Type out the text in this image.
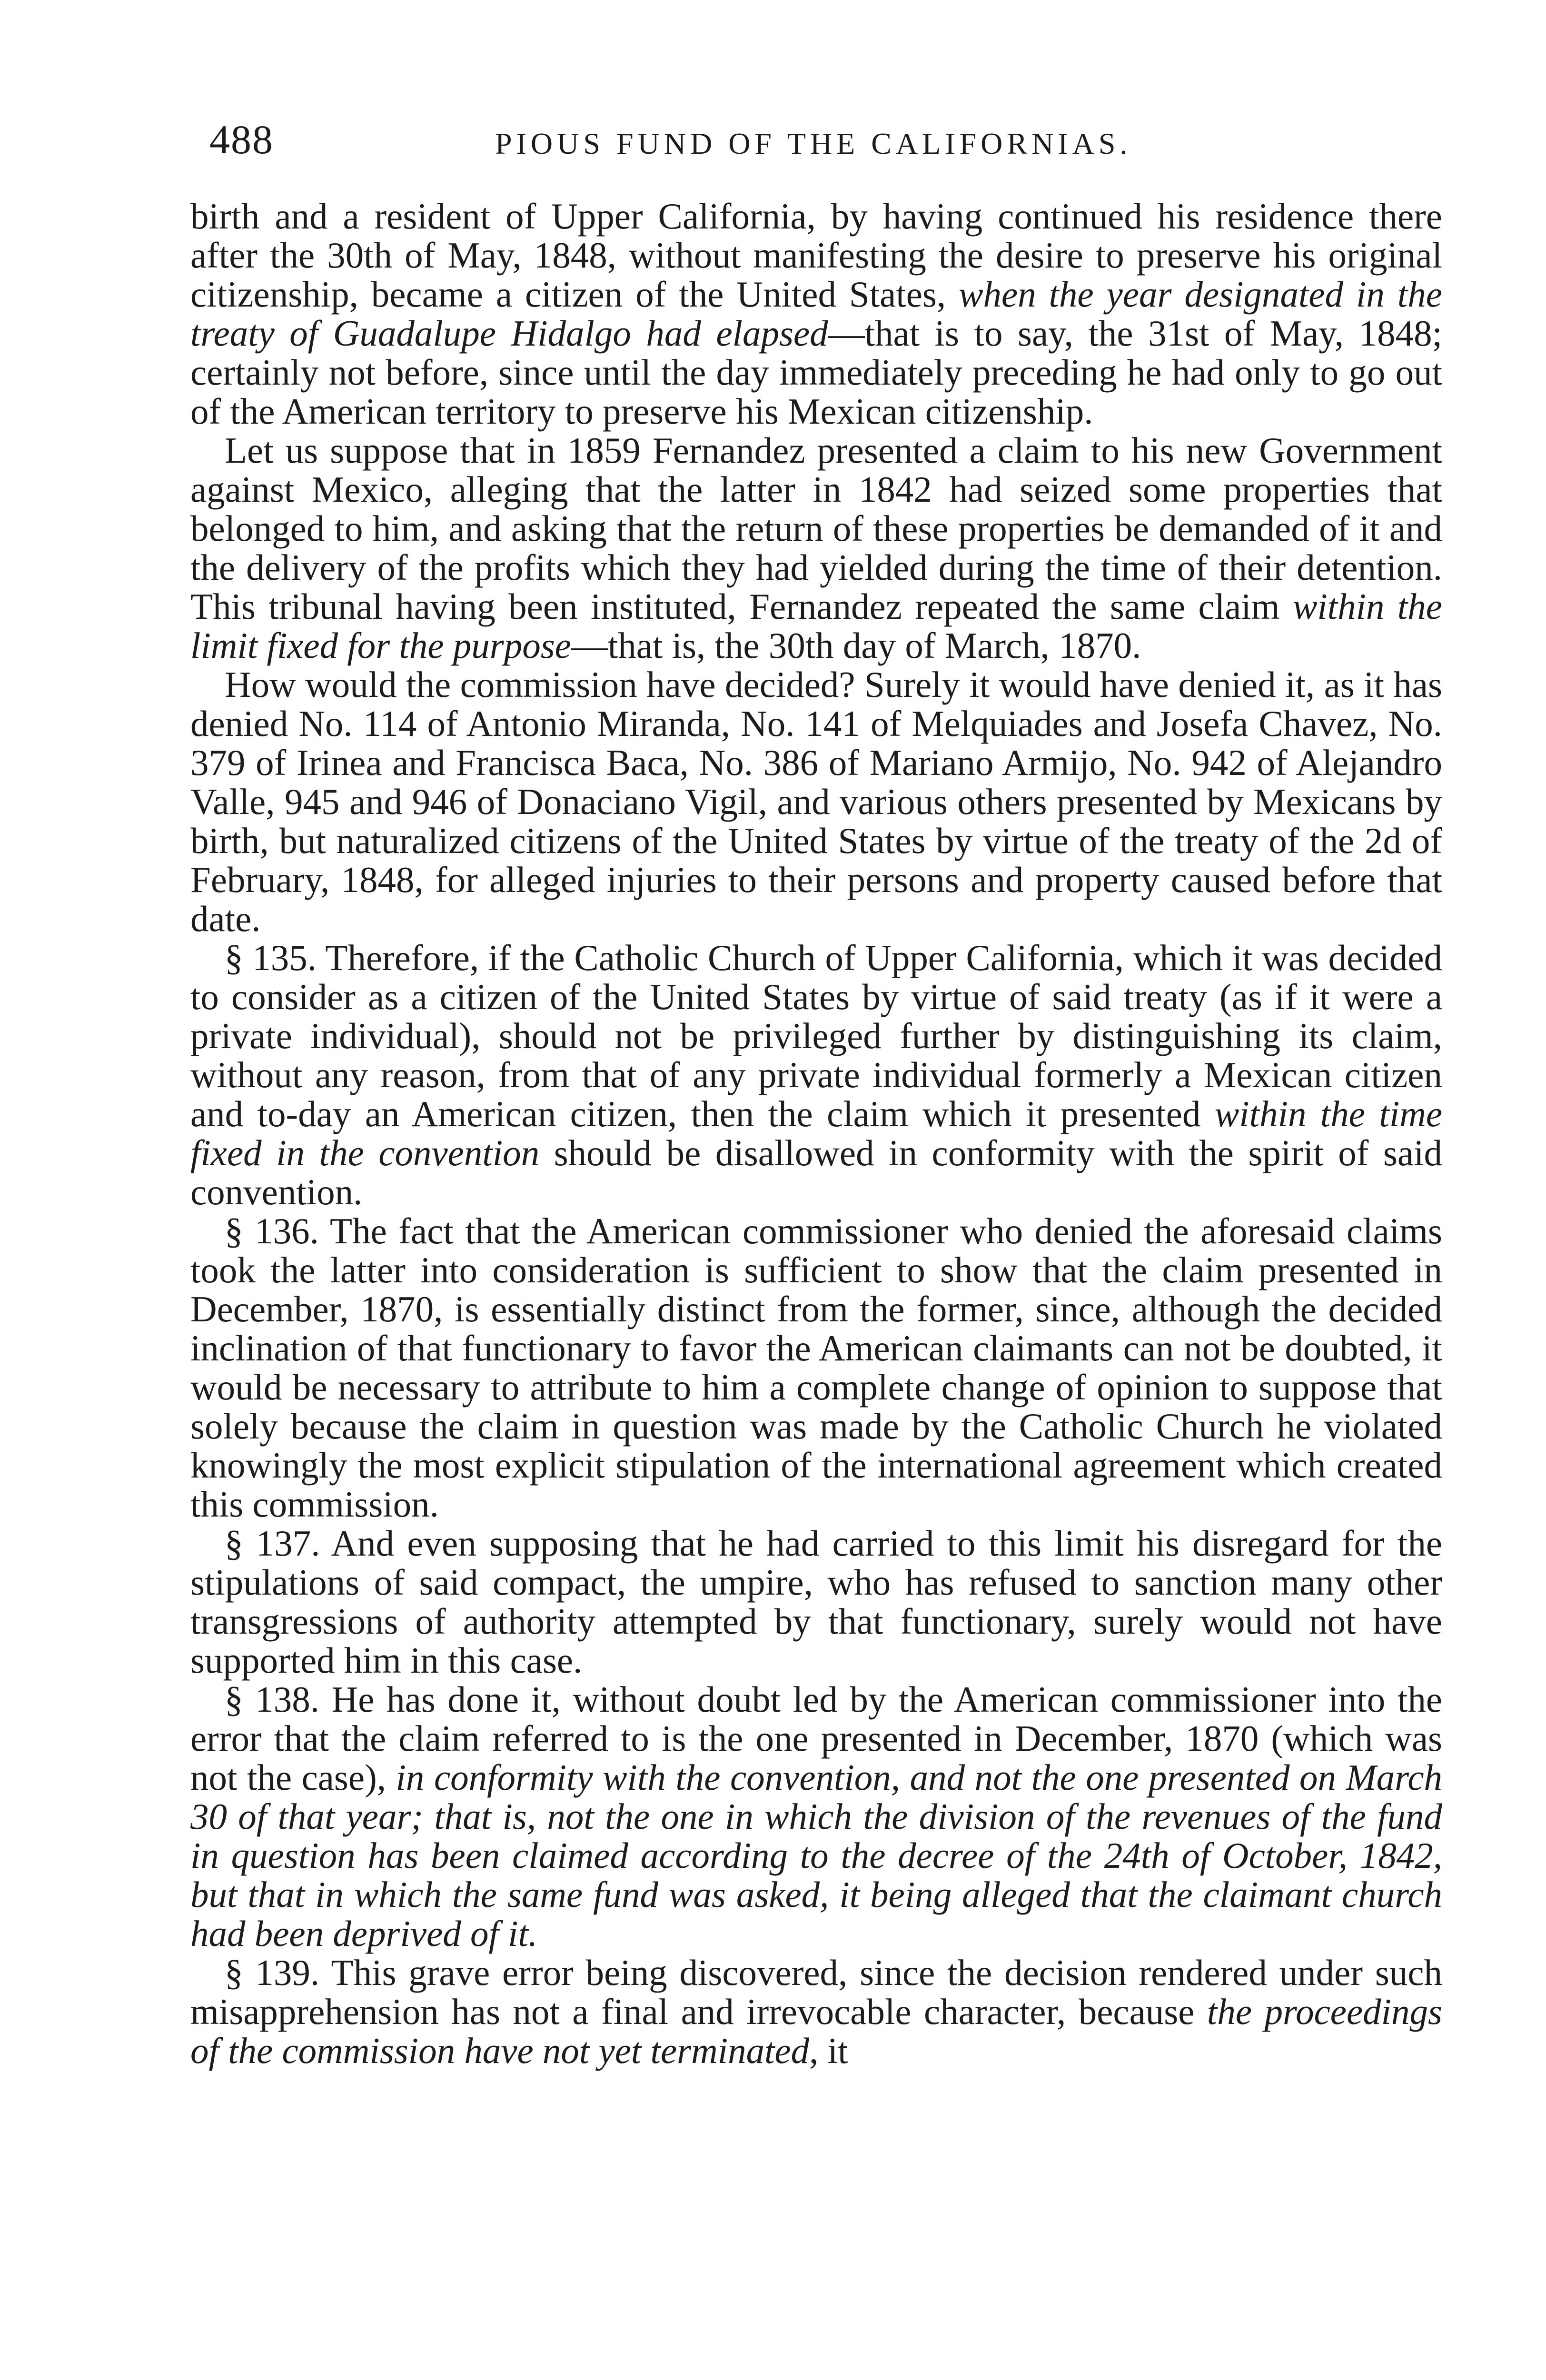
488	PIOUS FUND OF THE CALIFORNIAS.

birth and a resident of Upper California, by having continued his residence there after the 30th of May, 1848, without manifesting the desire to preserve his original citizenship, became a citizen of the United States, when the year designated in the treaty of Guadalupe Hidalgo had elapsed—that is to say, the 31st of May, 1848; certainly not before, since until the day immediately preceding he had only to go out of the American territory to preserve his Mexican citizenship.

Let us suppose that in 1859 Fernandez presented a claim to his new Government against Mexico, alleging that the latter in 1842 had seized some properties that belonged to him, and asking that the return of these properties be demanded of it and the delivery of the profits which they had yielded during the time of their detention. This tribunal having been instituted, Fernandez repeated the same claim within the limit fixed for the purpose—that is, the 30th day of March, 1870.

How would the commission have decided? Surely it would have denied it, as it has denied No. 114 of Antonio Miranda, No. 141 of Melquiades and Josefa Chavez, No. 379 of Irinea and Francisca Baca, No. 386 of Mariano Armijo, No. 942 of Alejandro Valle, 945 and 946 of Donaciano Vigil, and various others presented by Mexicans by birth, but naturalized citizens of the United States by virtue of the treaty of the 2d of February, 1848, for alleged injuries to their persons and property caused before that date.

§ 135. Therefore, if the Catholic Church of Upper California, which it was decided to consider as a citizen of the United States by virtue of said treaty (as if it were a private individual), should not be privileged further by distinguishing its claim, without any reason, from that of any private individual formerly a Mexican citizen and to-day an American citizen, then the claim which it presented within the time fixed in the convention should be disallowed in conformity with the spirit of said convention.

§ 136. The fact that the American commissioner who denied the aforesaid claims took the latter into consideration is sufficient to show that the claim presented in December, 1870, is essentially distinct from the former, since, although the decided inclination of that functionary to favor the American claimants can not be doubted, it would be necessary to attribute to him a complete change of opinion to suppose that solely because the claim in question was made by the Catholic Church he violated knowingly the most explicit stipulation of the international agreement which created this commission.

§ 137. And even supposing that he had carried to this limit his disregard for the stipulations of said compact, the umpire, who has refused to sanction many other transgressions of authority attempted by that functionary, surely would not have supported him in this case.

§ 138. He has done it, without doubt led by the American commissioner into the error that the claim referred to is the one presented in December, 1870 (which was not the case), in conformity with the convention, and not the one presented on March 30 of that year; that is, not the one in which the division of the revenues of the fund in question has been claimed according to the decree of the 24th of October, 1842, but that in which the same fund was asked, it being alleged that the claimant church had been deprived of it.

§ 139. This grave error being discovered, since the decision rendered under such misapprehension has not a final and irrevocable character, because the proceedings of the commission have not yet terminated, it
